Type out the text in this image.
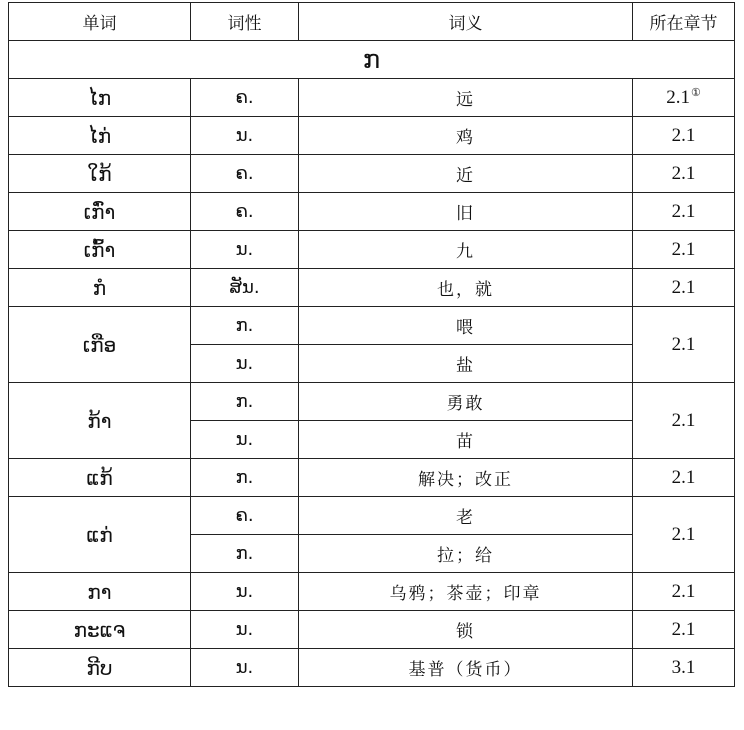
单词	词性	词义	所在章节
ກ			
ໄກ	ຄ.	远	2.1①
ໄກ່	ນ.	鸡	2.1
ໃກ້	ຄ.	近	2.1
ເກົ່າ	ຄ.	旧	2.1
ເກົ້າ	ນ.	九	2.1
ກໍ	ສັນ.	也，就	2.1
ເກືອ	ກ.	喂	2.1
	ນ.	盐	
ກ້າ	ກ.	勇敢	2.1
	ນ.	苗	
ແກ້	ກ.	解决；改正	2.1
ແກ່	ຄ.	老	2.1
	ກ.	拉；给	
ກາ	ນ.	乌鸦；茶壶；印章	2.1
ກະແຈ	ນ.	锁	2.1
ກີບ	ນ.	基普（货币）	3.1
